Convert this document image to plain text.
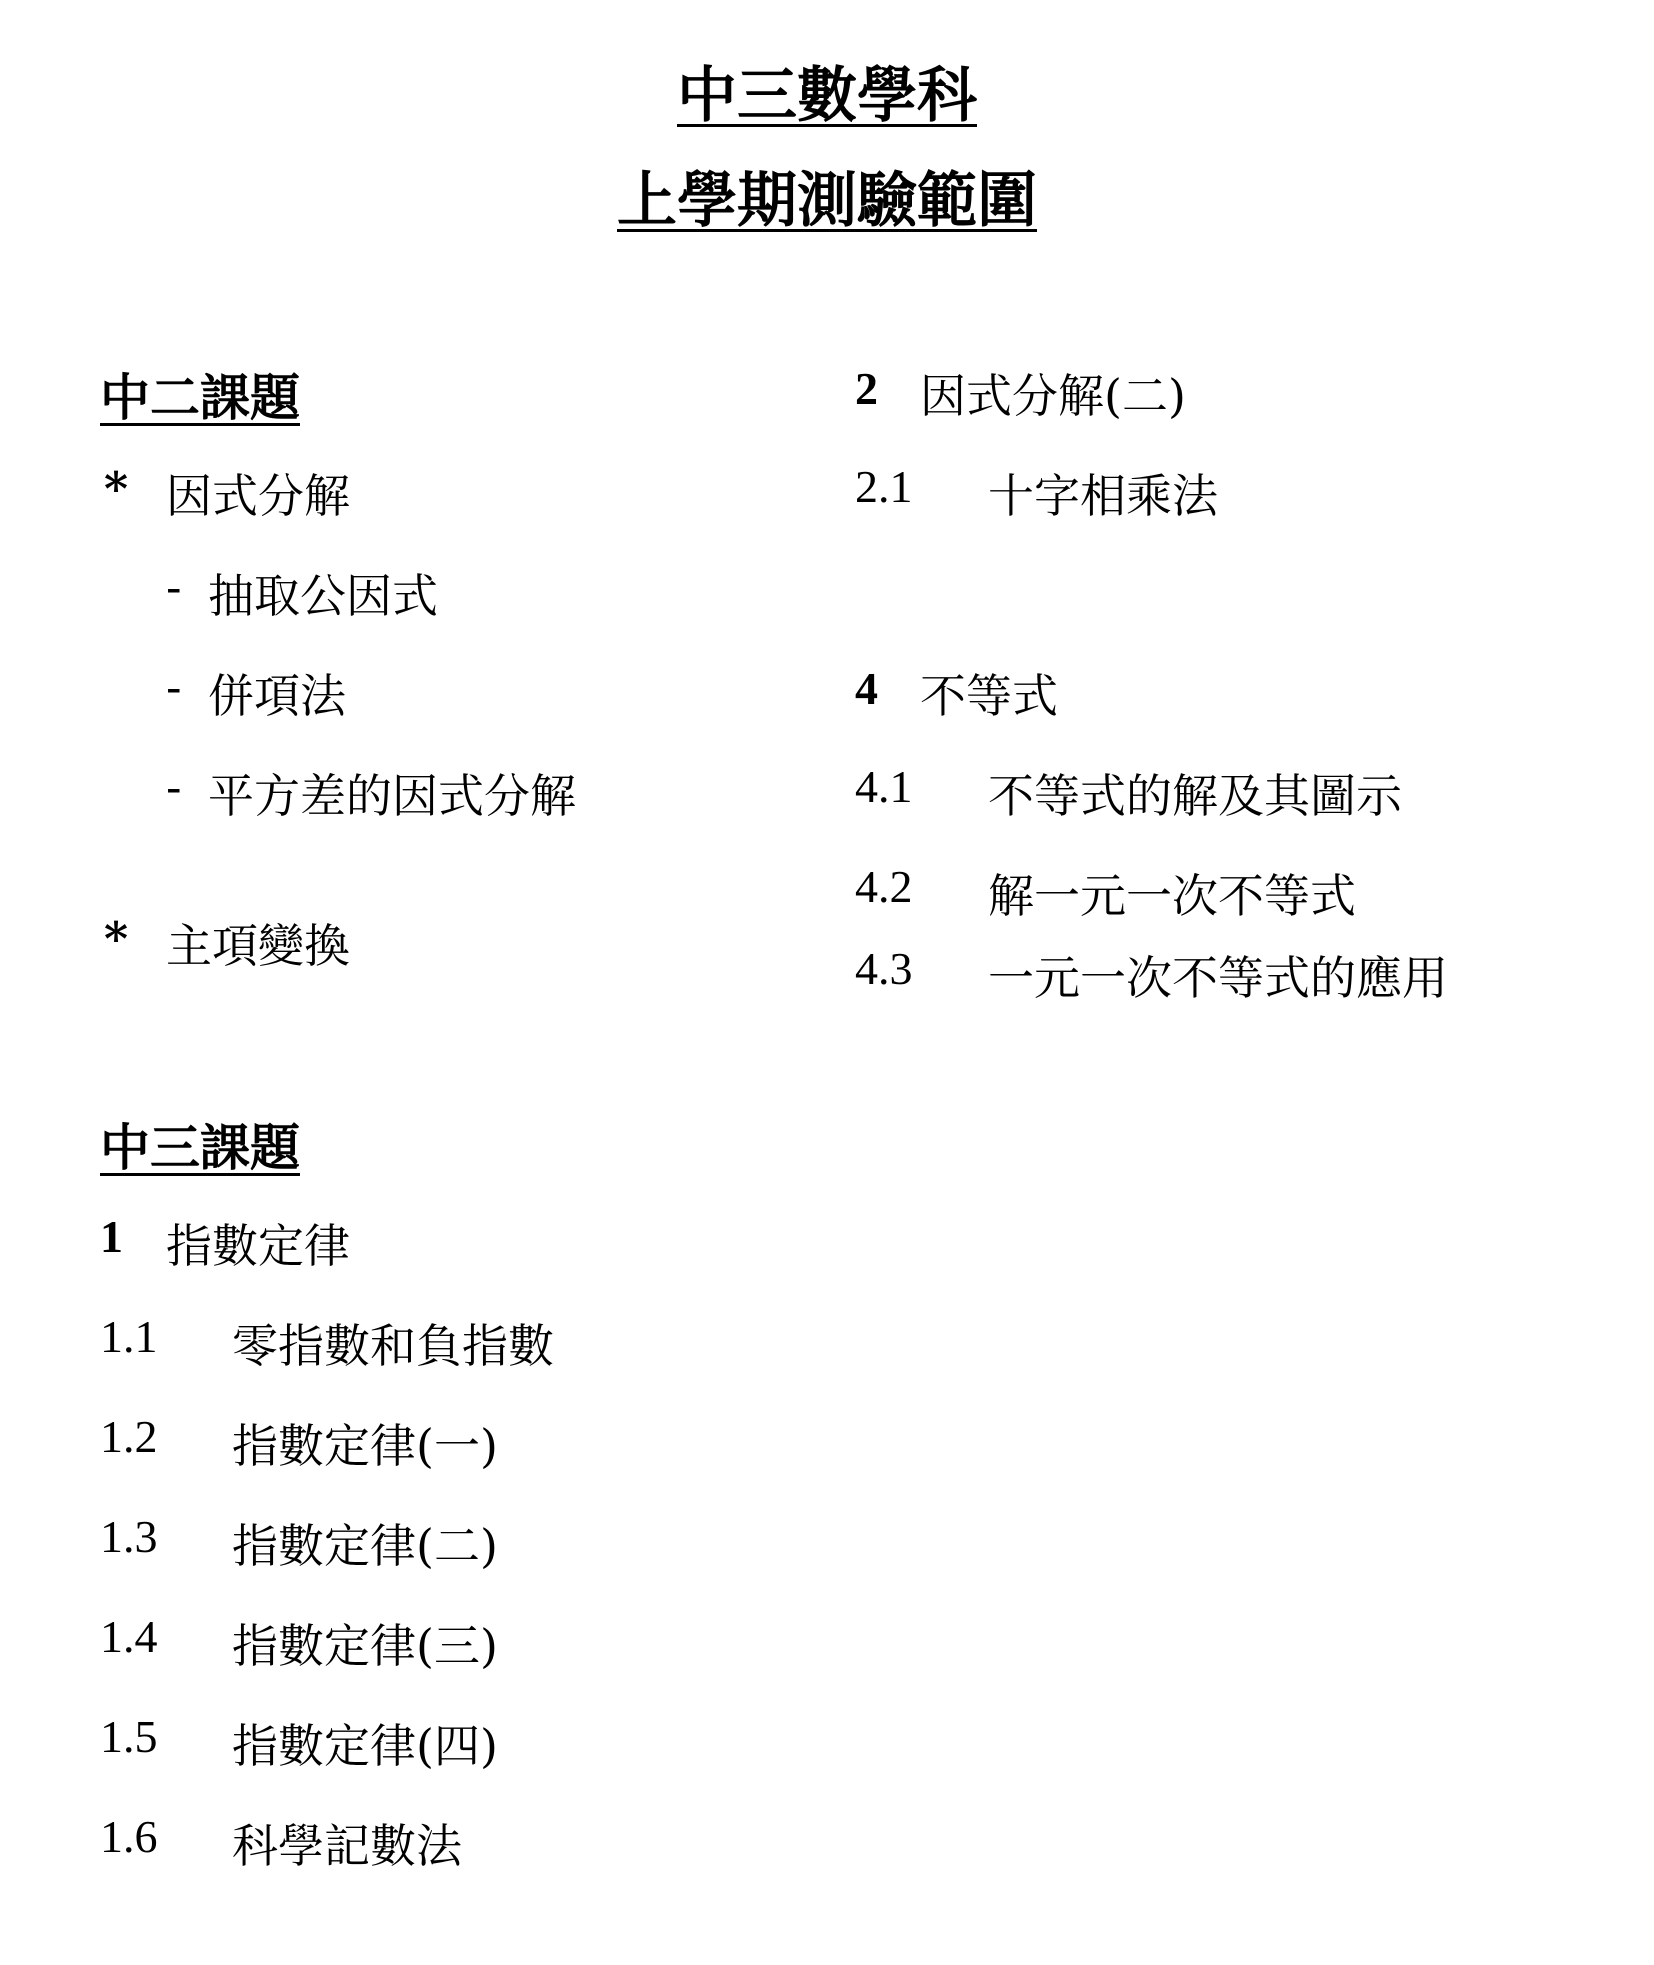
中三數學科
上學期測驗範圍
中二課題
* 因式分解
- 抽取公因式
- 併項法
- 平方差的因式分解
* 主項變換
中三課題
1 指數定律
1.1 零指數和負指數
1.2 指數定律(一)
1.3 指數定律(二)
1.4 指數定律(三)
1.5 指數定律(四)
1.6 科學記數法
2 因式分解(二)
2.1 十字相乘法
4 不等式
4.1 不等式的解及其圖示
4.2 解一元一次不等式
4.3 一元一次不等式的應用
